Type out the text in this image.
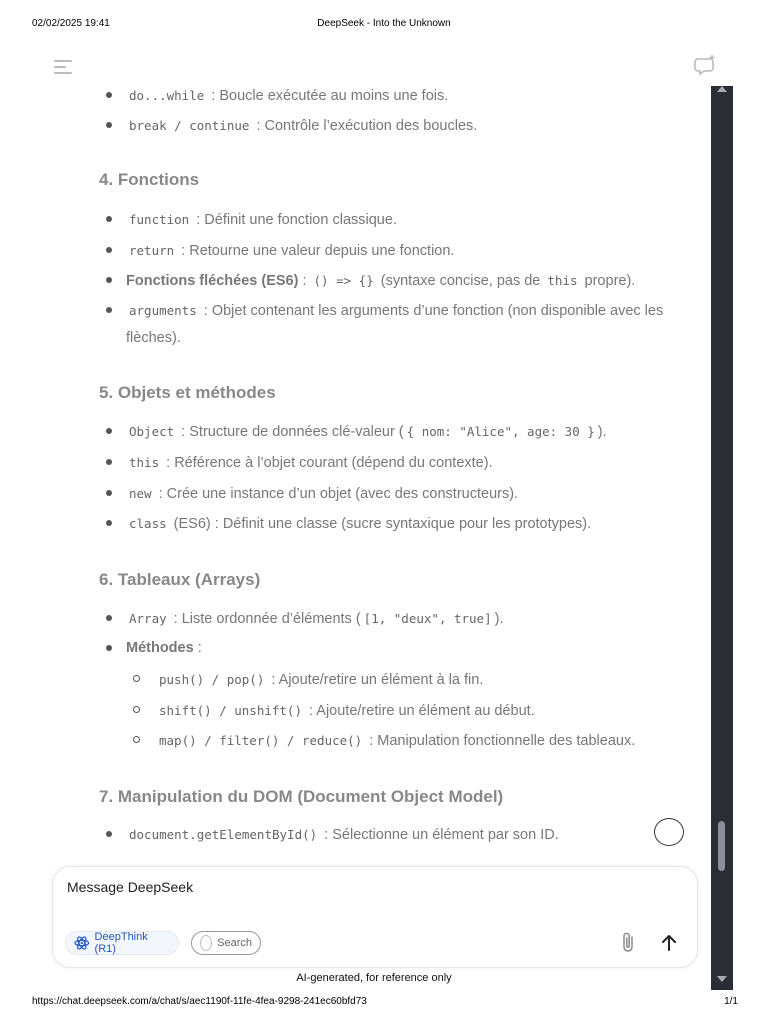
02/02/2025 19:41	DeepSeek - Into the Unknown
do...while : Boucle exécutée au moins une fois.
break / continue : Contrôle l’exécution des boucles.
4. Fonctions
function : Définit une fonction classique.
return : Retourne une valeur depuis une fonction.
Fonctions fléchées (ES6) : () => {} (syntaxe concise, pas de this propre).
arguments : Objet contenant les arguments d’une fonction (non disponible avec les flèches).
5. Objets et méthodes
Object : Structure de données clé-valeur ( { nom: "Alice", age: 30 } ).
this : Référence à l’objet courant (dépend du contexte).
new : Crée une instance d’un objet (avec des constructeurs).
class (ES6) : Définit une classe (sucre syntaxique pour les prototypes).
6. Tableaux (Arrays)
Array : Liste ordonnée d’éléments ( [1, "deux", true] ).
Méthodes :
push() / pop() : Ajoute/retire un élément à la fin.
shift() / unshift() : Ajoute/retire un élément au début.
map() / filter() / reduce() : Manipulation fonctionnelle des tableaux.
7. Manipulation du DOM (Document Object Model)
document.getElementById() : Sélectionne un élément par son ID.
Message DeepSeek
DeepThink (R1)	Search
AI-generated, for reference only
https://chat.deepseek.com/a/chat/s/aec1190f-11fe-4fea-9298-241ec60bfd73	1/1
